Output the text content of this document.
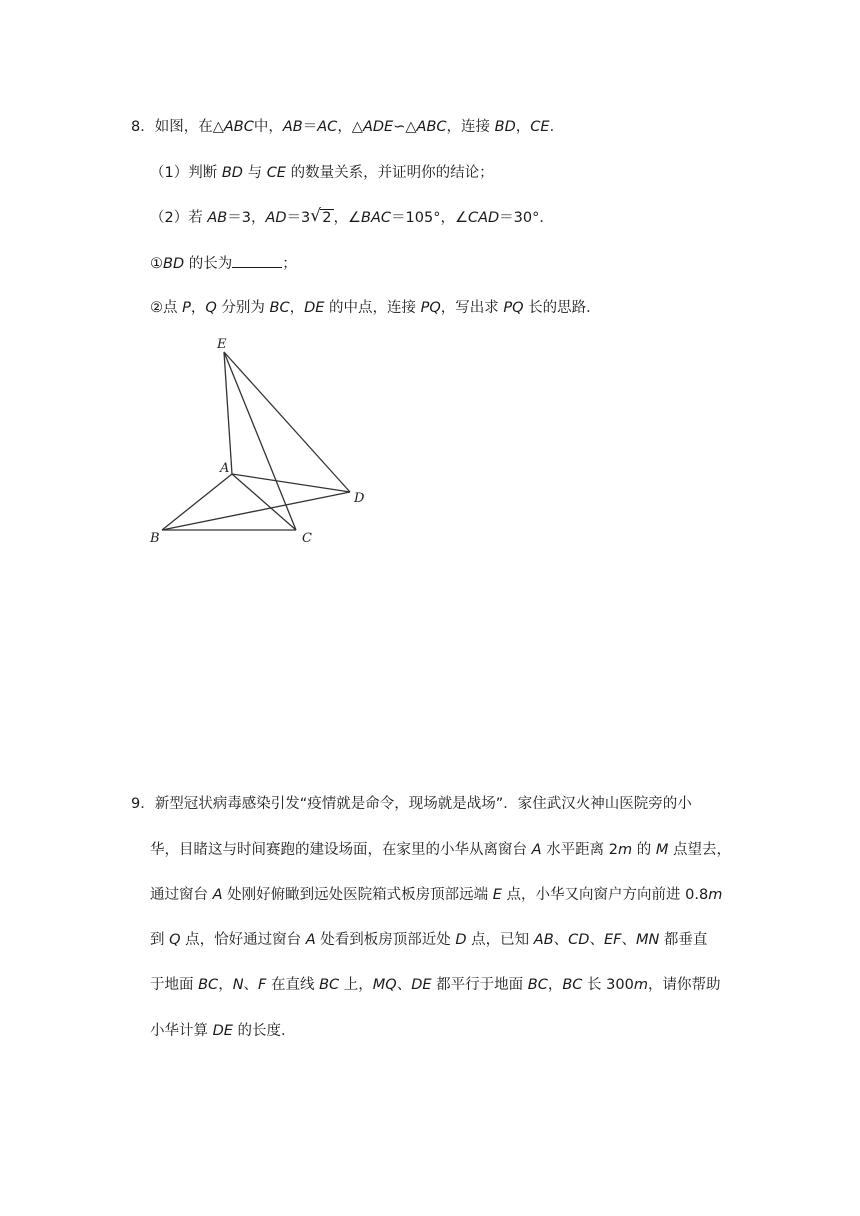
8．如图，在△ABC中，AB＝AC，△ADE∽△ABC，连接 BD，CE．
（1）判断 BD 与 CE 的数量关系，并证明你的结论；
（2）若 AB＝3，AD＝3 √ 2 ，∠BAC＝105°，∠CAD＝30°．
①BD 的长为	；
②点 P，Q 分别为 BC，DE 的中点，连接 PQ，写出求 PQ 长的思路．
E
A
D
B	C
9．新型冠状病毒感染引发“疫情就是命令，现场就是战场”．家住武汉火神山医院旁的小
华，目睹这与时间赛跑的建设场面，在家里的小华从离窗台 A 水平距离 2m 的 M 点望去，
通过窗台 A 处刚好俯瞰到远处医院箱式板房顶部远端 E 点，小华又向窗户方向前进 0.8m
到 Q 点，恰好通过窗台 A 处看到板房顶部近处 D 点，已知 AB、CD、EF、MN 都垂直
于地面 BC，N、F 在直线 BC 上，MQ、DE 都平行于地面 BC，BC 长 300m，请你帮助
小华计算 DE 的长度．
